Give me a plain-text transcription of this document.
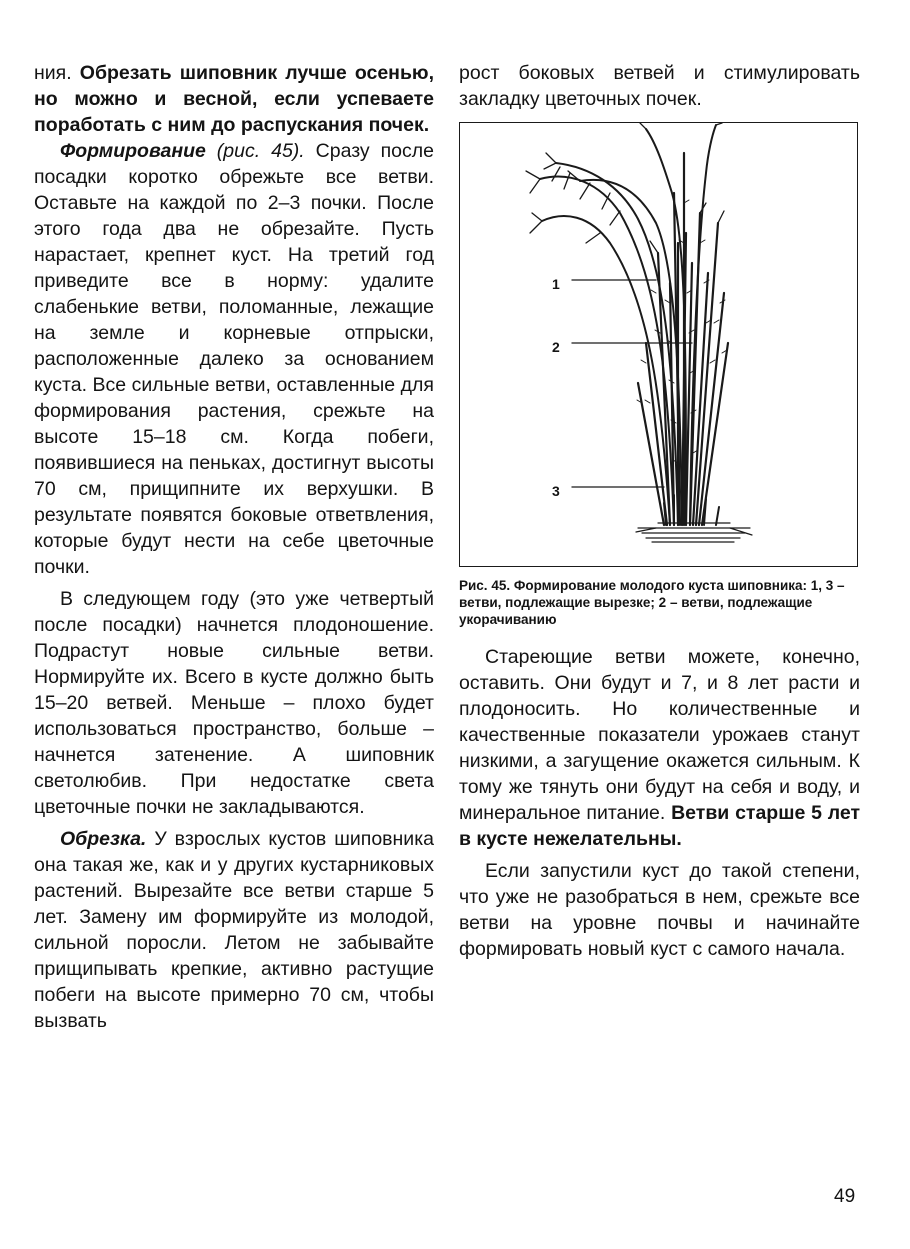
ния. Обрезать шиповник лучше осенью, но можно и весной, если успеваете поработать с ним до распускания почек.

Формирование (рис. 45). Сразу после посадки коротко обрежьте все ветви. Оставьте на каждой по 2–3 почки. После этого года два не обрезайте. Пусть нарастает, крепнет куст. На третий год приведите все в норму: удалите слабенькие ветви, поломанные, лежащие на земле и корневые отпрыски, расположенные далеко за основанием куста. Все сильные ветви, оставленные для формирования растения, срежьте на высоте 15–18 см. Когда побеги, появившиеся на пеньках, достигнут высоты 70 см, прищипните их верхушки. В результате появятся боковые ответвления, которые будут нести на себе цветочные почки.

В следующем году (это уже четвертый после посадки) начнется плодоношение. Подрастут новые сильные ветви. Нормируйте их. Всего в кусте должно быть 15–20 ветвей. Меньше – плохо будет использоваться пространство, больше – начнется затенение. А шиповник светолюбив. При недостатке света цветочные почки не закладываются.

Обрезка. У взрослых кустов шиповника она такая же, как и у других кустарниковых растений. Вырезайте все ветви старше 5 лет. Замену им формируйте из молодой, сильной поросли. Летом не забывайте прищипывать крепкие, активно растущие побеги на высоте примерно 70 см, чтобы вызвать

рост боковых ветвей и стимулировать закладку цветочных почек.

1
2
3
Рис. 45. Формирование молодого куста шиповника: 1, 3 – ветви, подлежащие вырезке; 2 – ветви, подлежащие укорачиванию

Стареющие ветви можете, конечно, оставить. Они будут и 7, и 8 лет расти и плодоносить. Но количественные и качественные показатели урожаев станут низкими, а загущение окажется сильным. К тому же тянуть они будут на себя и воду, и минеральное питание. Ветви старше 5 лет в кусте нежелательны.

Если запустили куст до такой степени, что уже не разобраться в нем, срежьте все ветви на уровне почвы и начинайте формировать новый куст с самого начала.

49
